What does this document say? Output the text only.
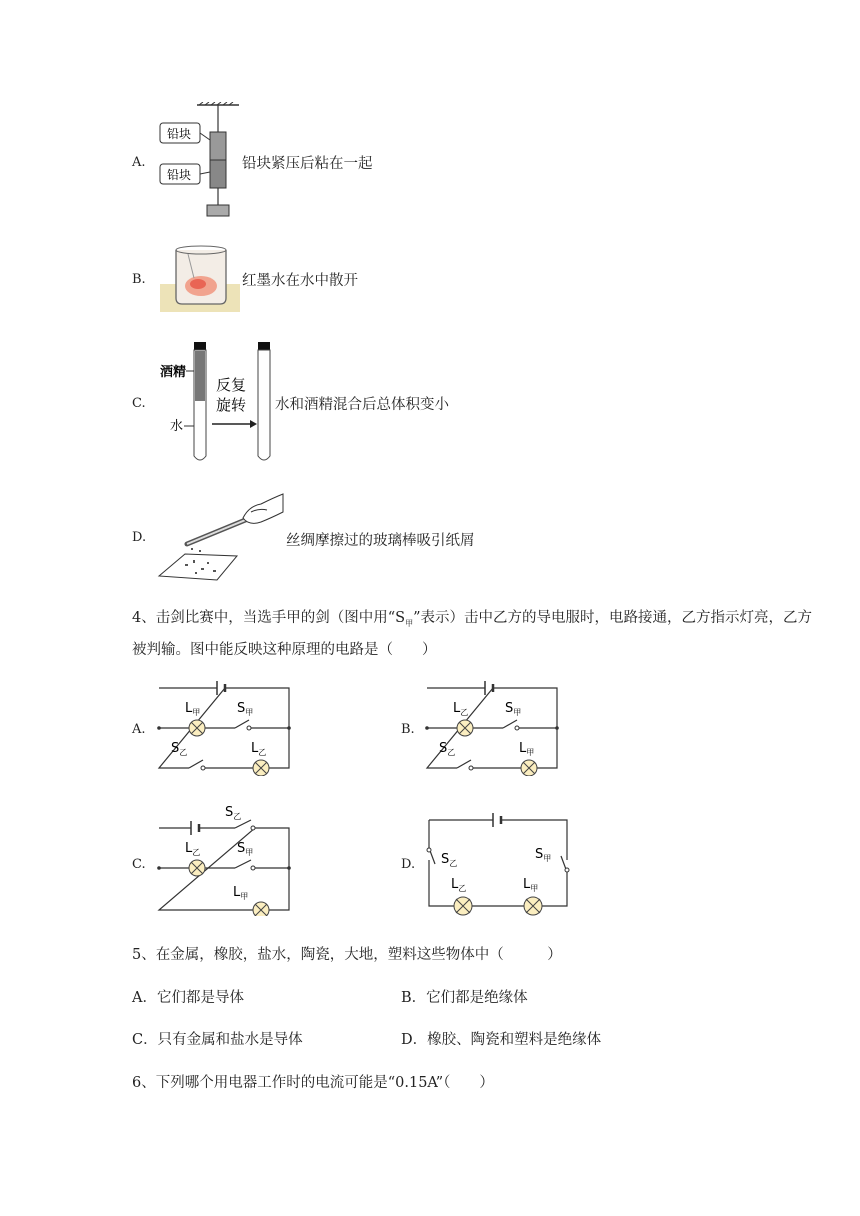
A.
铅块
铅块
铅块紧压后粘在一起
B.	红墨水在水中散开
C.
酒精
水
反复
旋转 水和酒精混合后总体积变小
D.	丝绸摩擦过的玻璃棒吸引纸屑
4、击剑比赛中，当选手甲的剑（图中用“$S_甲$”表示）击中乙方的导电服时，电路接通，乙方指示灯亮，乙方被判输。图中能反映这种原理的电路是（　　）
A.
$L_甲$	$S_甲$
$S_乙$	$L_乙$
B.
$L_乙$	$S_甲$
$S_乙$	$L_甲$
C.
$S_乙$
$L_乙$	$S_甲$
$L_甲$
D. $S_乙$
$S_甲$
$L_乙$	$L_甲$
5、在金属，橡胶，盐水，陶瓷，大地，塑料这些物体中（　　　）
A．它们都是导体	B．它们都是绝缘体
C．只有金属和盐水是导体	D．橡胶、陶瓷和塑料是绝缘体
6、下列哪个用电器工作时的电流可能是“0.15A”（　　）
